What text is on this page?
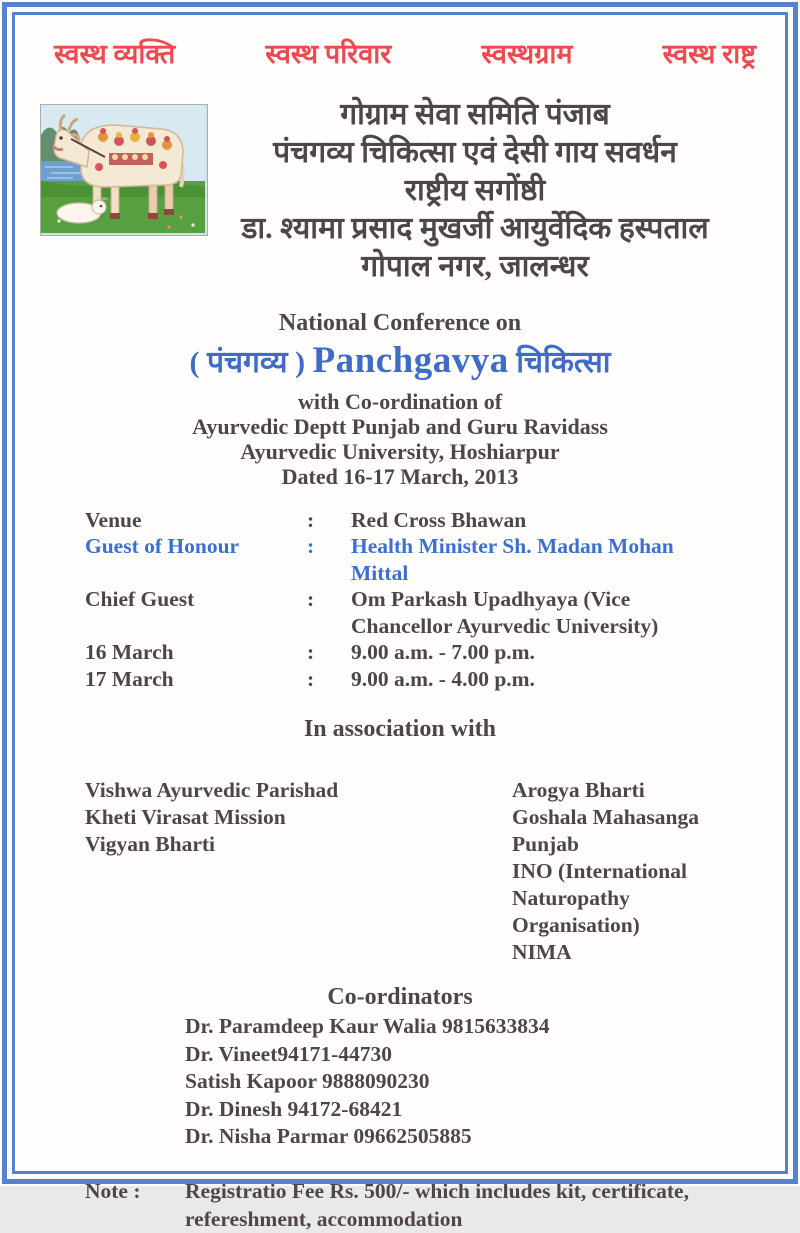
स्वस्थ व्यक्ति	स्वस्थ परिवार	स्वस्थग्राम	स्वस्थ राष्ट्र
गोग्राम सेवा समिति पंजाब
पंचगव्य चिकित्सा एवं देसी गाय सवर्धन
राष्ट्रीय सगोंष्ठी
डा. श्यामा प्रसाद मुखर्जी आयुर्वेदिक हस्पताल
गोपाल नगर, जालन्धर
National Conference on
( पंचगव्य ) Panchgavya चिकित्सा
with Co-ordination of
Ayurvedic Deptt Punjab and Guru Ravidass
Ayurvedic University, Hoshiarpur
Dated 16-17 March, 2013
Venue	:	Red Cross Bhawan
Guest of Honour	:	Health Minister Sh. Madan Mohan Mittal
Chief Guest	:	Om Parkash Upadhyaya (Vice Chancellor Ayurvedic University)
16 March	:	9.00 a.m. - 7.00 p.m.
17 March	:	9.00 a.m. - 4.00 p.m.
In association with
Vishwa Ayurvedic Parishad
Kheti Virasat Mission
Vigyan Bharti
Arogya Bharti
Goshala Mahasanga Punjab
INO (International
Naturopathy Organisation)
NIMA
Co-ordinators
Dr. Paramdeep Kaur Walia 9815633834
Dr. Vineet94171-44730
Satish Kapoor 9888090230
Dr. Dinesh 94172-68421
Dr. Nisha Parmar 09662505885
Note :	Registratio Fee Rs. 500/- which includes kit, certificate, refereshment, accommodation
